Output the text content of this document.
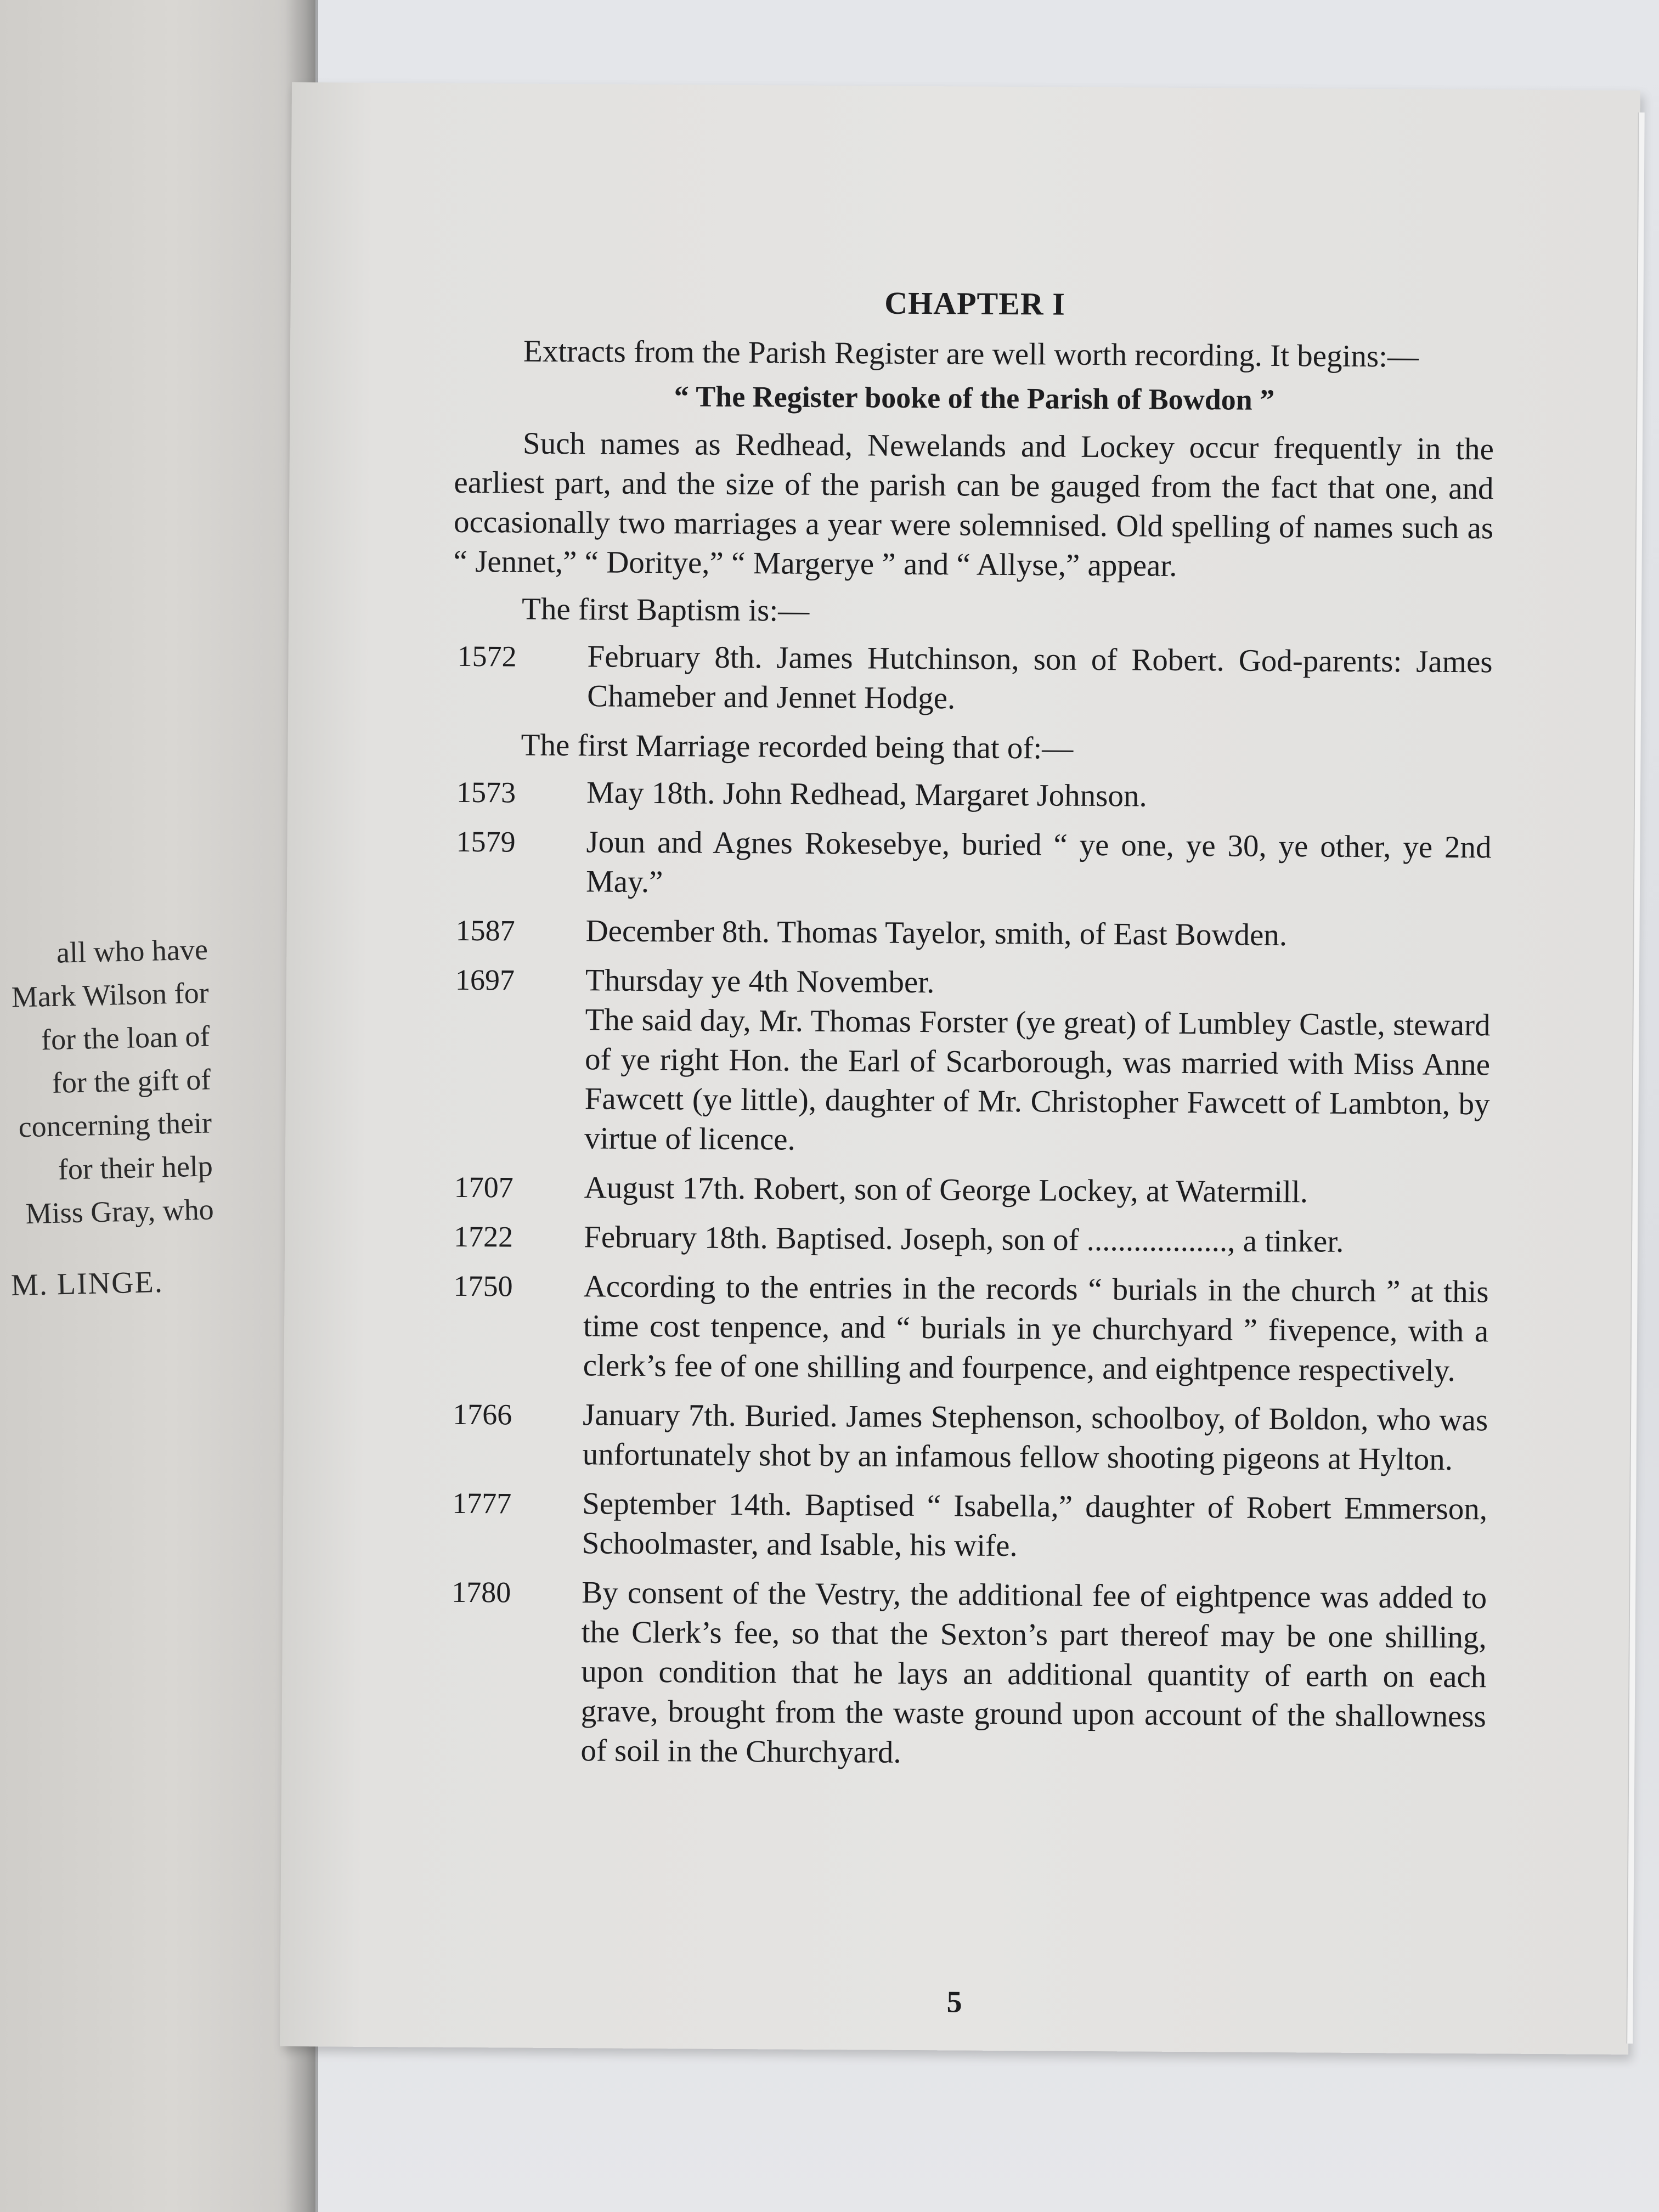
all who have
Mark Wilson for
for the loan of
for the gift of
concerning their
for their help
Miss Gray, who
M. LINGE.
CHAPTER I

Extracts from the Parish Register are well worth recording. It begins:—

“ The Register booke of the Parish of Bowdon ”

Such names as Redhead, Newelands and Lockey occur frequently in the earliest part, and the size of the parish can be gauged from the fact that one, and occasionally two marriages a year were solemnised. Old spelling of names such as “ Jennet,” “ Doritye,” “ Margerye ” and “ Allyse,” appear.

The first Baptism is:—

1572	February 8th. James Hutchinson, son of Robert. God-parents: James Chameber and Jennet Hodge.

The first Marriage recorded being that of:—

1573	May 18th. John Redhead, Margaret Johnson.
1579	Joun and Agnes Rokesebye, buried “ ye one, ye 30, ye other, ye 2nd May.”
1587	December 8th. Thomas Tayelor, smith, of East Bowden.
1697	Thursday ye 4th November.
The said day, Mr. Thomas Forster (ye great) of Lumbley Castle, steward of ye right Hon. the Earl of Scarborough, was married with Miss Anne Fawcett (ye little), daughter of Mr. Christopher Fawcett of Lambton, by virtue of licence.
1707	August 17th. Robert, son of George Lockey, at Watermill.
1722	February 18th. Baptised. Joseph, son of .................., a tinker.
1750	According to the entries in the records “ burials in the church ” at this time cost tenpence, and “ burials in ye churchyard ” fivepence, with a clerk’s fee of one shilling and fourpence, and eightpence respectively.
1766	January 7th. Buried. James Stephenson, schoolboy, of Boldon, who was unfortunately shot by an infamous fellow shooting pigeons at Hylton.
1777	September 14th. Baptised “ Isabella,” daughter of Robert Emmerson, Schoolmaster, and Isable, his wife.
1780	By consent of the Vestry, the additional fee of eightpence was added to the Clerk’s fee, so that the Sexton’s part thereof may be one shilling, upon condition that he lays an additional quantity of earth on each grave, brought from the waste ground upon account of the shallowness of soil in the Churchyard.
5
